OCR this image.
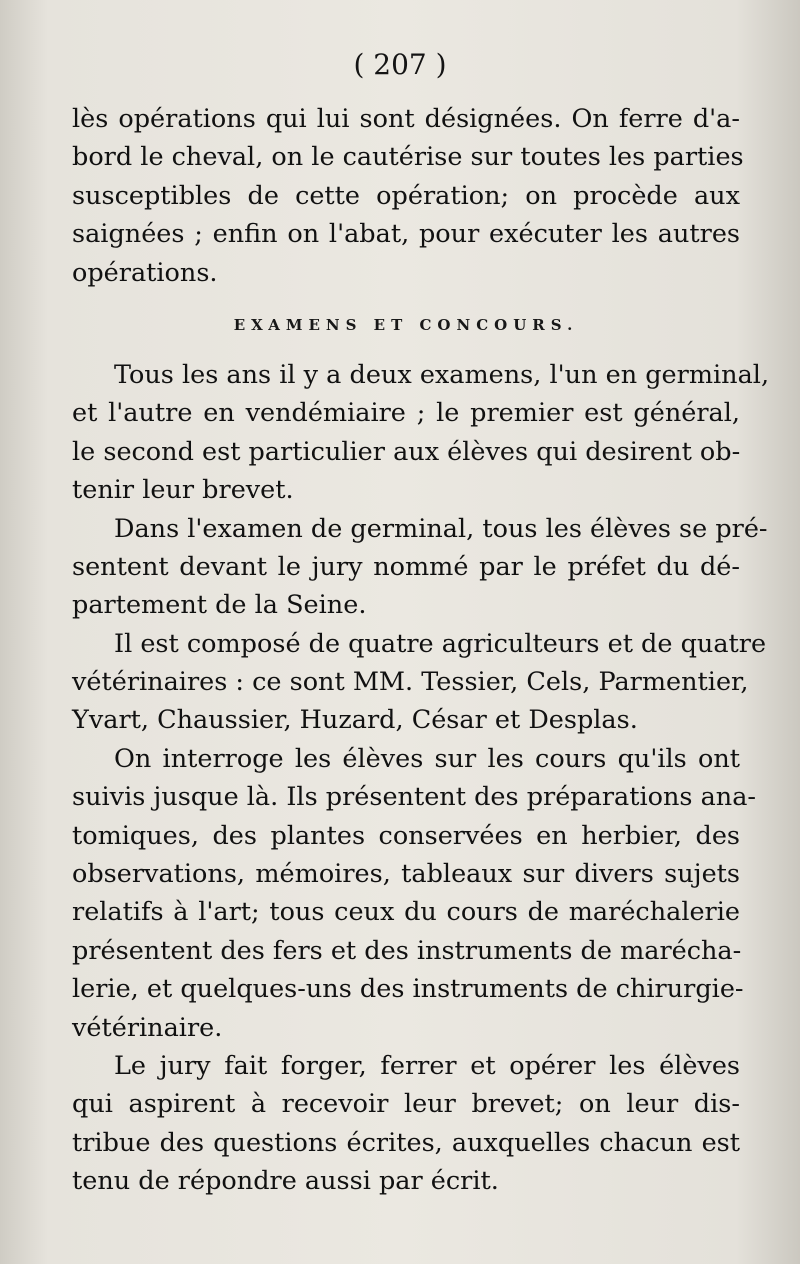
( 207 )
lès opérations qui lui sont désignées. On ferre d'a-
bord le cheval, on le cautérise sur toutes les parties
susceptibles de cette opération; on procède aux
saignées ; enfin on l'abat, pour exécuter les autres
opérations.
EXAMENS ET CONCOURS.
Tous les ans il y a deux examens, l'un en germinal,
et l'autre en vendémiaire ; le premier est général,
le second est particulier aux élèves qui desirent ob-
tenir leur brevet.
Dans l'examen de germinal, tous les élèves se pré-
sentent devant le jury nommé par le préfet du dé-
partement de la Seine.
Il est composé de quatre agriculteurs et de quatre
vétérinaires : ce sont MM. Tessier, Cels, Parmentier,
Yvart, Chaussier, Huzard, César et Desplas.
On interroge les élèves sur les cours qu'ils ont
suivis jusque là. Ils présentent des préparations ana-
tomiques, des plantes conservées en herbier, des
observations, mémoires, tableaux sur divers sujets
relatifs à l'art; tous ceux du cours de maréchalerie
présentent des fers et des instruments de marécha-
lerie, et quelques-uns des instruments de chirurgie-
vétérinaire.
Le jury fait forger, ferrer et opérer les élèves
qui aspirent à recevoir leur brevet; on leur dis-
tribue des questions écrites, auxquelles chacun est
tenu de répondre aussi par écrit.
